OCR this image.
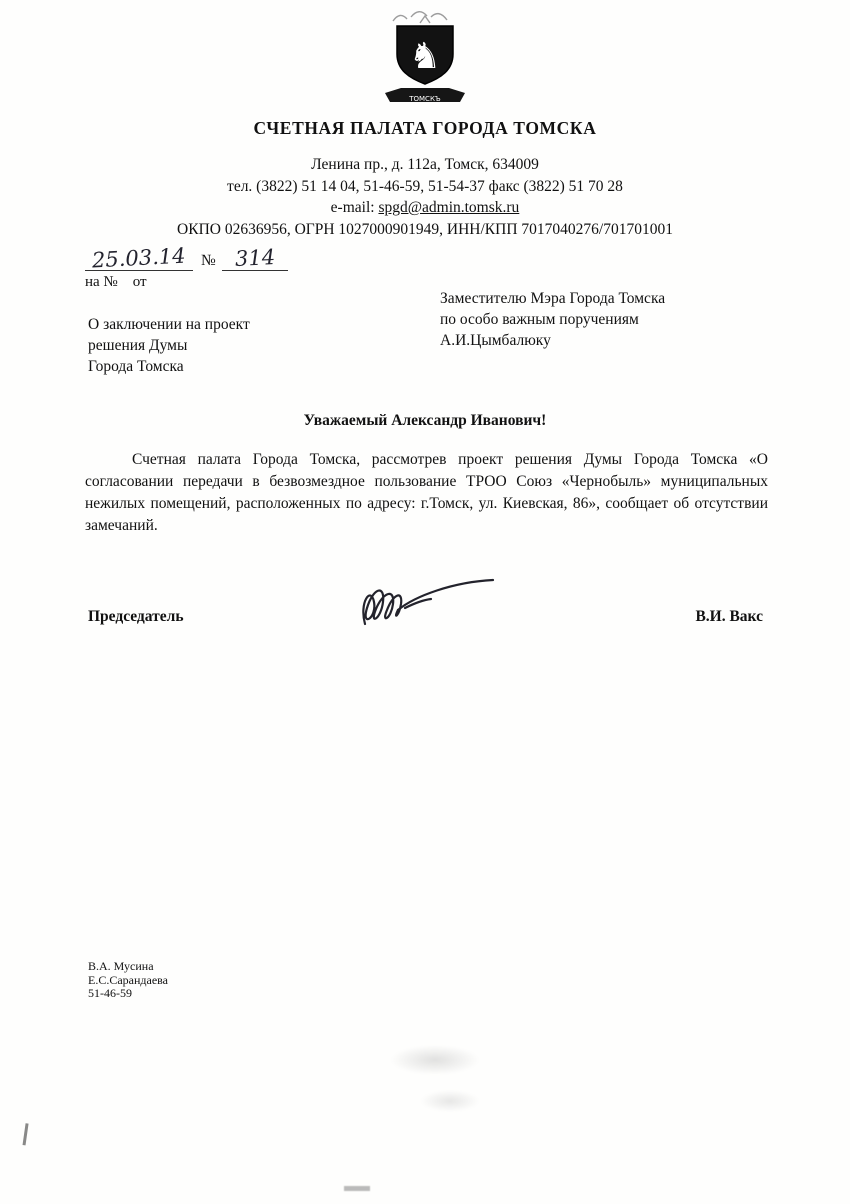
♞
ТОМСКЪ
СЧЕТНАЯ ПАЛАТА ГОРОДА ТОМСКА
Ленина пр., д. 112а, Томск, 634009
тел. (3822) 51 14 04, 51-46-59, 51-54-37 факс (3822) 51 70 28
e-mail: spgd@admin.tomsk.ru
ОКПО 02636956, ОГРН 1027000901949, ИНН/КПП 7017040276/701701001
25.03.14 № 314
на №    от
Заместителю Мэра Города Томска
по особо важным поручениям
А.И.Цымбалюку
О заключении на проект
решения Думы
Города Томска
Уважаемый Александр Иванович!
Счетная палата Города Томска, рассмотрев проект решения Думы Города Томска «О согласовании передачи в безвозмездное пользование ТРОО Союз «Чернобыль» муниципальных нежилых помещений, расположенных по адресу: г.Томск, ул. Киевская, 86», сообщает об отсутствии замечаний.
Председатель	В.И. Вакс
В.А. Мусина
Е.С.Сарандаева
51-46-59
